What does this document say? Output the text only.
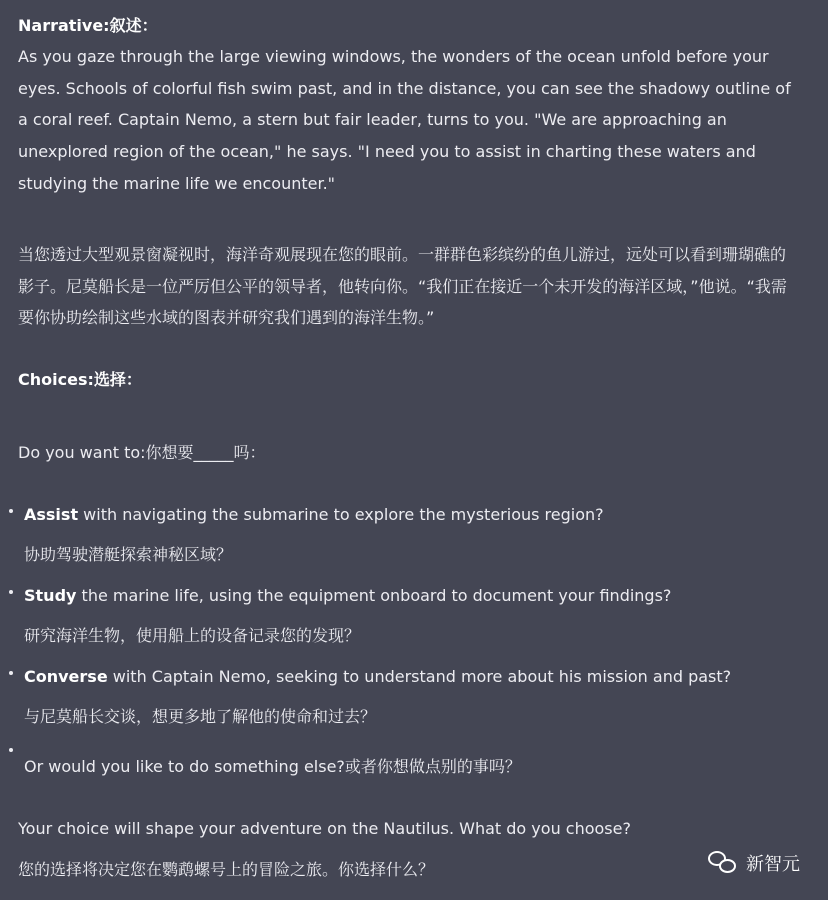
Narrative:叙述：
As you gaze through the large viewing windows, the wonders of the ocean unfold before your eyes. Schools of colorful fish swim past, and in the distance, you can see the shadowy outline of a coral reef. Captain Nemo, a stern but fair leader, turns to you. "We are approaching an unexplored region of the ocean," he says. "I need you to assist in charting these waters and studying the marine life we encounter."
当您透过大型观景窗凝视时，海洋奇观展现在您的眼前。一群群色彩缤纷的鱼儿游过，远处可以看到珊瑚礁的影子。尼莫船长是一位严厉但公平的领导者，他转向你。“我们正在接近一个未开发的海洋区域，”他说。“我需要你协助绘制这些水域的图表并研究我们遇到的海洋生物。”
Choices:选择：
Do you want to:你想要_____吗：
Assist with navigating the submarine to explore the mysterious region?
协助驾驶潜艇探索神秘区域？
Study the marine life, using the equipment onboard to document your findings?
研究海洋生物，使用船上的设备记录您的发现？
Converse with Captain Nemo, seeking to understand more about his mission and past?
与尼莫船长交谈，想更多地了解他的使命和过去？
Or would you like to do something else?或者你想做点别的事吗？
Your choice will shape your adventure on the Nautilus. What do you choose?
您的选择将决定您在鹦鹉螺号上的冒险之旅。你选择什么？	新智元
